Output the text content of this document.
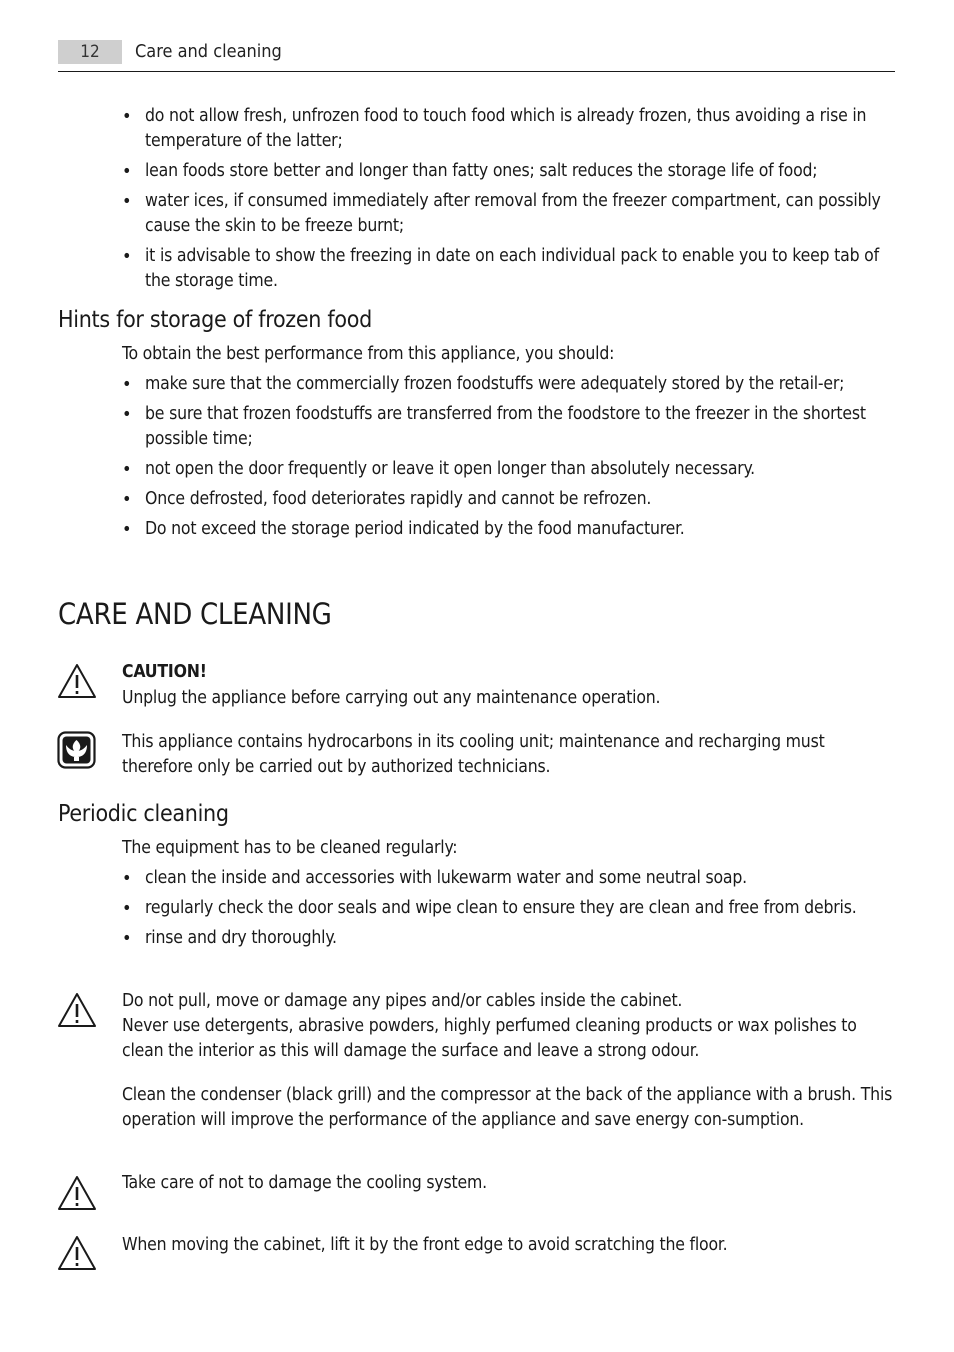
12	Care and cleaning
• do not allow fresh, unfrozen food to touch food which is already frozen, thus avoiding a rise in temperature of the latter;
• lean foods store better and longer than fatty ones; salt reduces the storage life of food;
• water ices, if consumed immediately after removal from the freezer compartment, can possibly cause the skin to be freeze burnt;
• it is advisable to show the freezing in date on each individual pack to enable you to keep tab of the storage time.
Hints for storage of frozen food

To obtain the best performance from this appliance, you should:

• make sure that the commercially frozen foodstuffs were adequately stored by the retail-er;
• be sure that frozen foodstuffs are transferred from the foodstore to the freezer in the shortest possible time;
• not open the door frequently or leave it open longer than absolutely necessary.
• Once defrosted, food deteriorates rapidly and cannot be refrozen.
• Do not exceed the storage period indicated by the food manufacturer.
CARE AND CLEANING

CAUTION!

Unplug the appliance before carrying out any maintenance operation.

This appliance contains hydrocarbons in its cooling unit; maintenance and recharging must therefore only be carried out by authorized technicians.

Periodic cleaning

The equipment has to be cleaned regularly:

• clean the inside and accessories with lukewarm water and some neutral soap.
• regularly check the door seals and wipe clean to ensure they are clean and free from debris.
• rinse and dry thoroughly.

Do not pull, move or damage any pipes and/or cables inside the cabinet.

Never use detergents, abrasive powders, highly perfumed cleaning products or wax polishes to clean the interior as this will damage the surface and leave a strong odour.

Clean the condenser (black grill) and the compressor at the back of the appliance with a brush. This operation will improve the performance of the appliance and save energy con-sumption.

Take care of not to damage the cooling system.

When moving the cabinet, lift it by the front edge to avoid scratching the floor.
